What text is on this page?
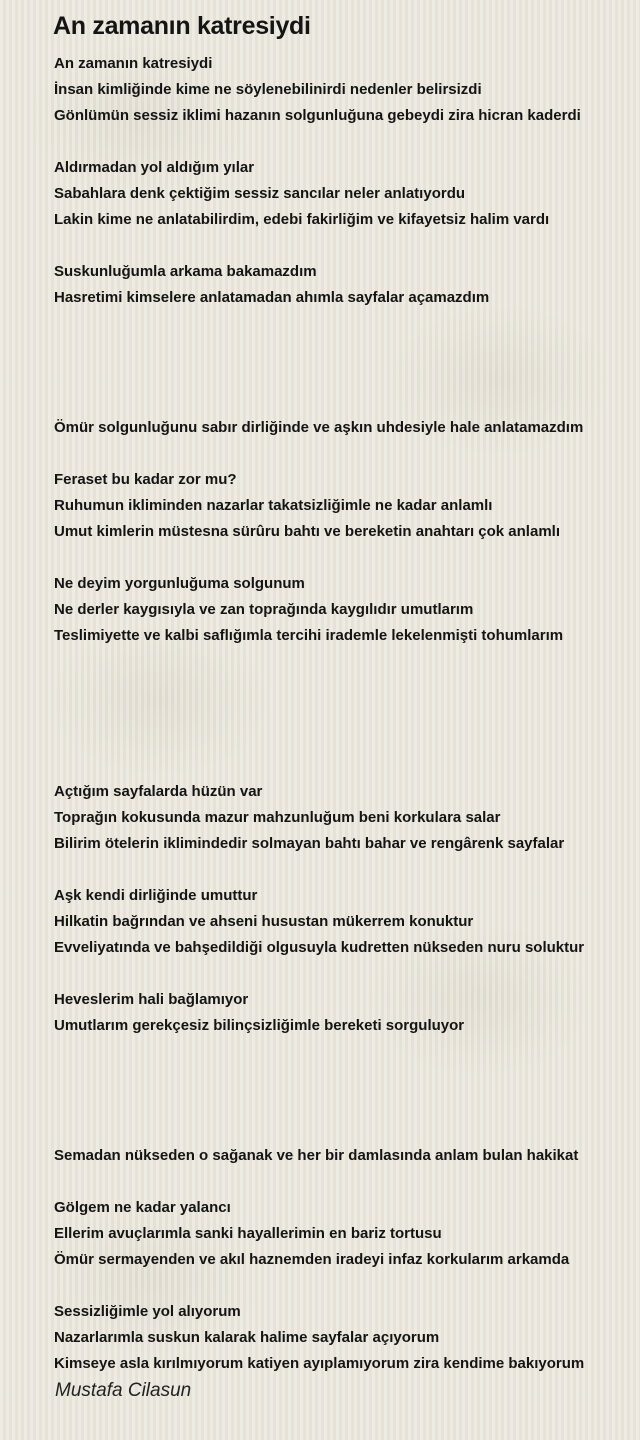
An zamanın katresiydi
An zamanın katresiydi
İnsan kimliğinde kime ne söylenebilinirdi nedenler belirsizdi
Gönlümün sessiz iklimi hazanın solgunluğuna gebeydi zira hicran kaderdi
Aldırmadan yol aldığım yılar
Sabahlara denk çektiğim sessiz sancılar neler anlatıyordu
Lakin kime ne anlatabilirdim, edebi fakirliğim ve kifayetsiz halim vardı
Suskunluğumla arkama bakamazdım
Hasretimi kimselere anlatamadan ahımla sayfalar açamazdım
Ömür solgunluğunu sabır dirliğinde ve aşkın uhdesiyle hale anlatamazdım
Feraset bu kadar zor mu?
Ruhumun ikliminden nazarlar takatsizliğimle ne kadar anlamlı
Umut kimlerin müstesna sürûru bahtı ve bereketin anahtarı çok anlamlı
Ne deyim yorgunluğuma solgunum
Ne derler kaygısıyla ve zan toprağında kaygılıdır umutlarım
Teslimiyette ve kalbi saflığımla tercihi irademle lekelenmişti tohumlarım
Açtığım sayfalarda hüzün var
Toprağın kokusunda mazur mahzunluğum beni korkulara salar
Bilirim ötelerin iklimindedir solmayan bahtı bahar ve rengârenk sayfalar
Aşk kendi dirliğinde umuttur
Hilkatin bağrından ve ahseni husustan mükerrem konuktur
Evveliyatında ve bahşedildiği olgusuyla kudretten nükseden nuru soluktur
Heveslerim hali bağlamıyor
Umutlarım gerekçesiz bilinçsizliğimle bereketi sorguluyor
Semadan nükseden o sağanak ve her bir damlasında anlam bulan hakikat
Gölgem ne kadar yalancı
Ellerim avuçlarımla sanki hayallerimin en bariz tortusu
Ömür sermayenden ve akıl haznemden iradeyi infaz korkularım arkamda
Sessizliğimle yol alıyorum
Nazarlarımla suskun kalarak halime sayfalar açıyorum
Kimseye asla kırılmıyorum katiyen ayıplamıyorum zira kendime bakıyorum
Mustafa Cilasun
